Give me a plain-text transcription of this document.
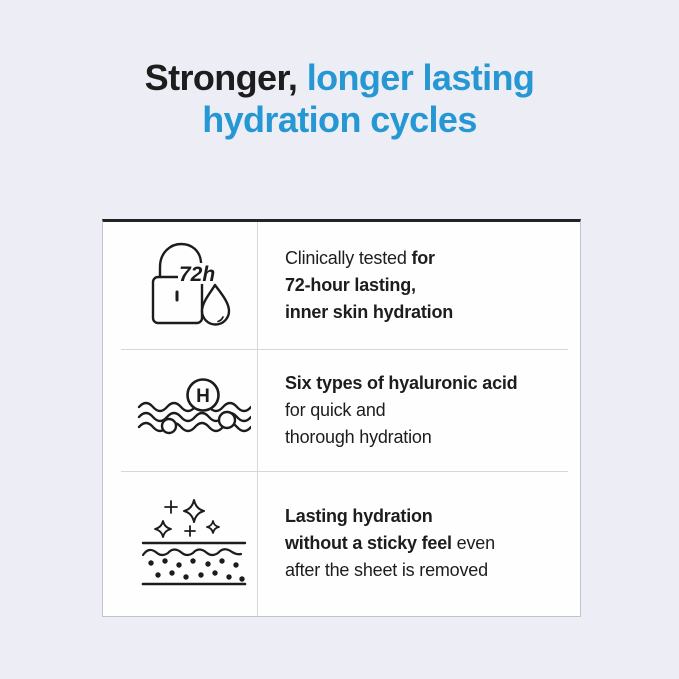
Stronger, longer lasting
hydration cycles
72h
Clinically tested for
72-hour lasting,
inner skin hydration
H
Six types of hyaluronic acid
for quick and
thorough hydration
Lasting hydration
without a sticky feel even
after the sheet is removed
